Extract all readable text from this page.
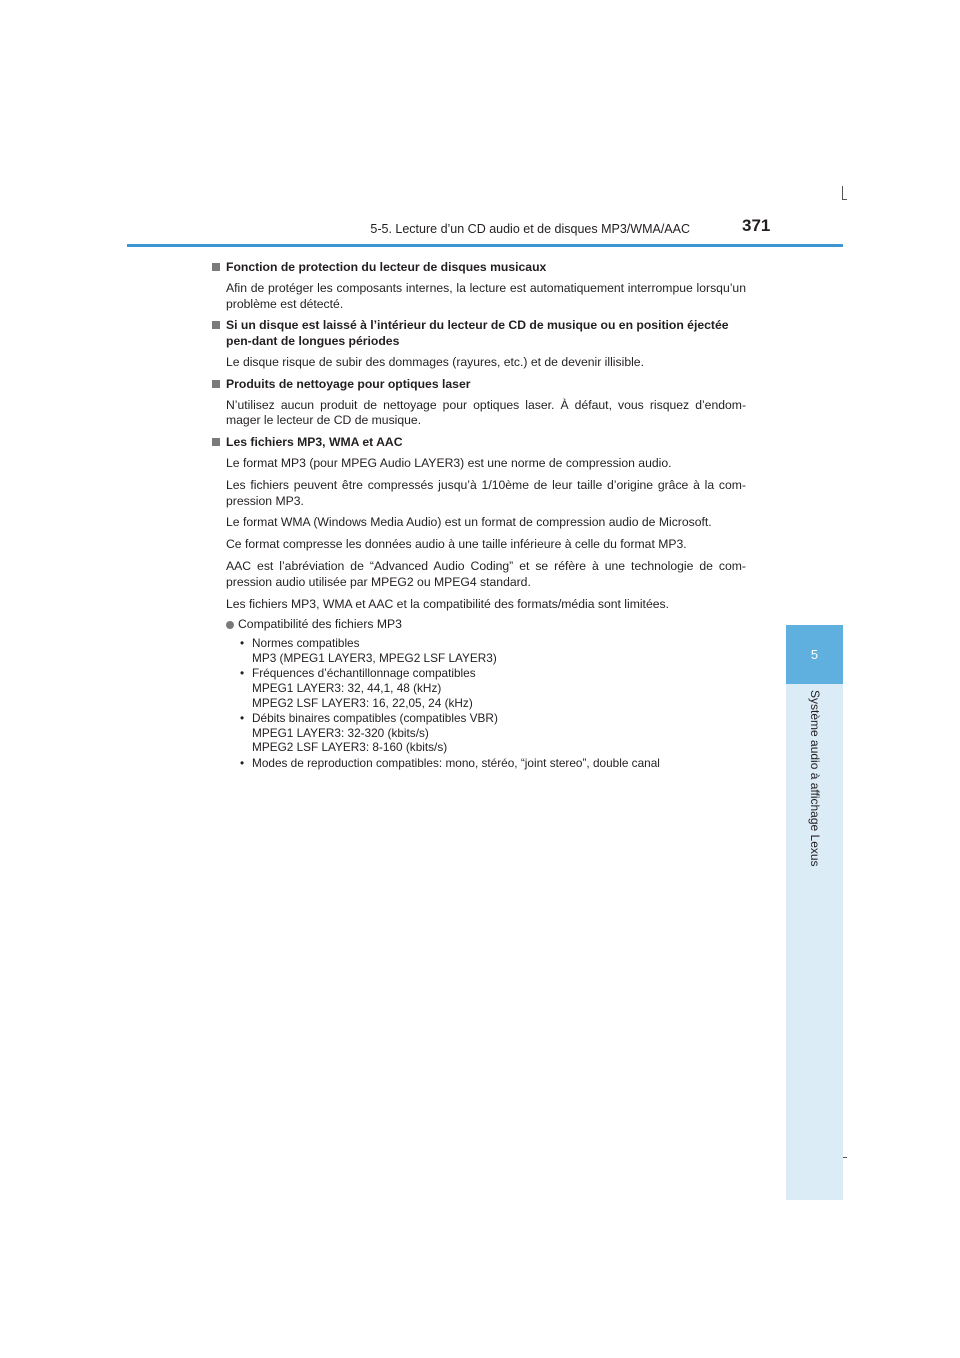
5-5. Lecture d’un CD audio et de disques MP3/WMA/AAC	371
5
Système audio à affichage Lexus
Fonction de protection du lecteur de disques musicaux
Afin de protéger les composants internes, la lecture est automatiquement interrompue lorsqu’un problème est détecté.
Si un disque est laissé à l’intérieur du lecteur de CD de musique ou en position éjectée pen-dant de longues périodes
Le disque risque de subir des dommages (rayures, etc.) et de devenir illisible.
Produits de nettoyage pour optiques laser
N’utilisez aucun produit de nettoyage pour optiques laser. À défaut, vous risquez d’endom-mager le lecteur de CD de musique.
Les fichiers MP3, WMA et AAC
Le format MP3 (pour MPEG Audio LAYER3) est une norme de compression audio.
Les fichiers peuvent être compressés jusqu’à 1/10ème de leur taille d’origine grâce à la com-pression MP3.
Le format WMA (Windows Media Audio) est un format de compression audio de Microsoft.
Ce format compresse les données audio à une taille inférieure à celle du format MP3.
AAC est l’abréviation de “Advanced Audio Coding” et se réfère à une technologie de com-pression audio utilisée par MPEG2 ou MPEG4 standard.
Les fichiers MP3, WMA et AAC et la compatibilité des formats/média sont limitées.
Compatibilité des fichiers MP3
• Normes compatibles
MP3 (MPEG1 LAYER3, MPEG2 LSF LAYER3)
• Fréquences d’échantillonnage compatibles
MPEG1 LAYER3: 32, 44,1, 48 (kHz)
MPEG2 LSF LAYER3: 16, 22,05, 24 (kHz)
• Débits binaires compatibles (compatibles VBR)
MPEG1 LAYER3: 32-320 (kbits/s)
MPEG2 LSF LAYER3: 8-160 (kbits/s)
• Modes de reproduction compatibles: mono, stéréo, “joint stereo”, double canal
